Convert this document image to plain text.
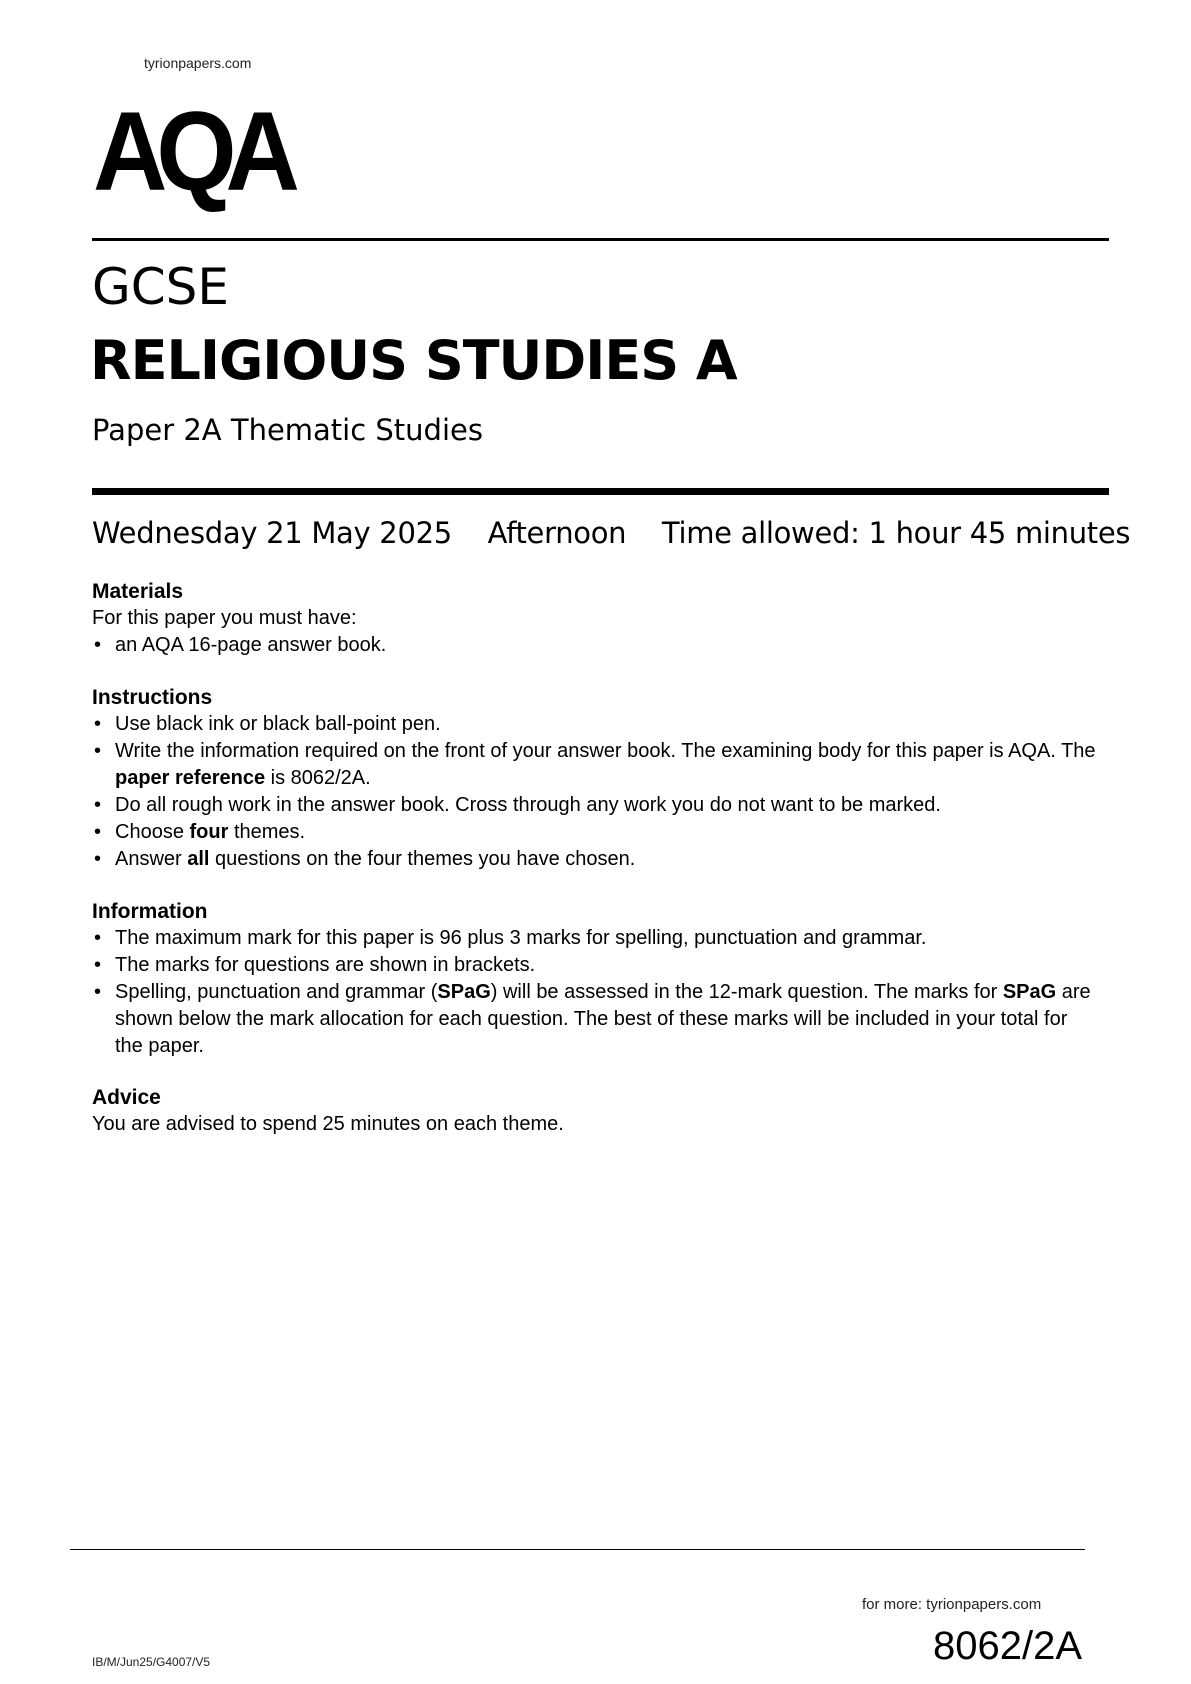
tyrionpapers.com
AQA
GCSE
RELIGIOUS STUDIES A
Paper 2A Thematic Studies
Wednesday 21 May 2025    Afternoon    Time allowed: 1 hour 45 minutes
Materials

For this paper you must have:

• an AQA 16-page answer book.
Instructions
• Use black ink or black ball-point pen.
• Write the information required on the front of your answer book. The examining body for this paper is AQA. The paper reference is 8062/2A.
• Do all rough work in the answer book. Cross through any work you do not want to be marked.
• Choose four themes.
• Answer all questions on the four themes you have chosen.
Information
• The maximum mark for this paper is 96 plus 3 marks for spelling, punctuation and grammar.
• The marks for questions are shown in brackets.
• Spelling, punctuation and grammar (SPaG) will be assessed in the 12-mark question. The marks for SPaG are shown below the mark allocation for each question. The best of these marks will be included in your total for the paper.
Advice

You are advised to spend 25 minutes on each theme.

IB/M/Jun25/G4007/V5
for more: tyrionpapers.com
8062/2A
